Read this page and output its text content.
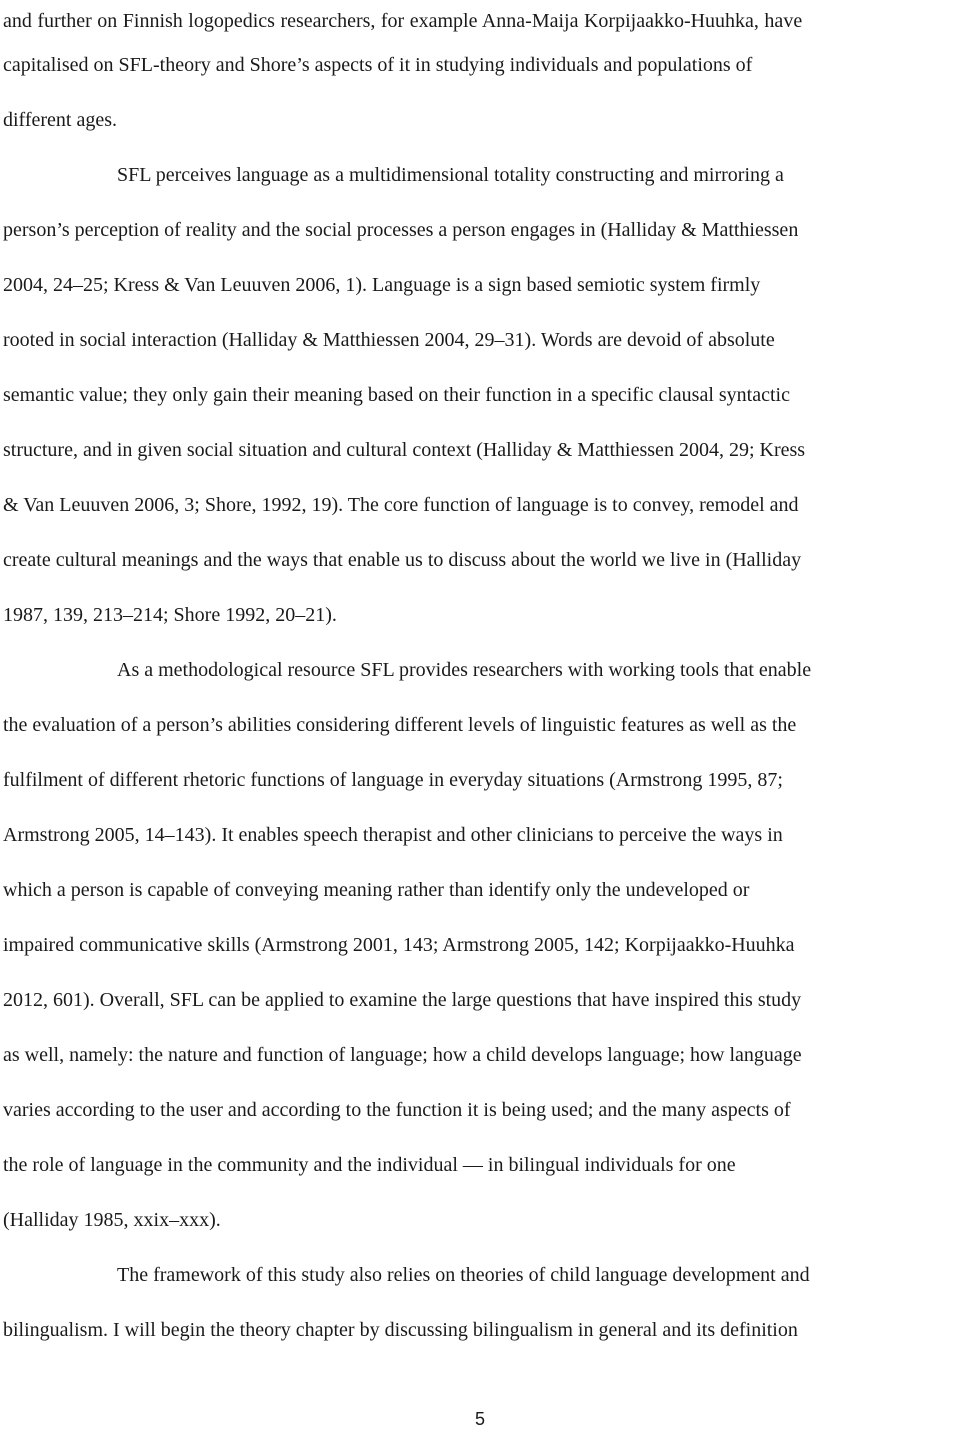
and further on Finnish logopedics researchers, for example Anna-Maija Korpijaakko-Huuhka, have
capitalised on SFL-theory and Shore’s aspects of it in studying individuals and populations of
different ages.
SFL perceives language as a multidimensional totality constructing and mirroring a
person’s perception of reality and the social processes a person engages in (Halliday & Matthiessen
2004, 24–25; Kress & Van Leuuven 2006, 1). Language is a sign based semiotic system firmly
rooted in social interaction (Halliday & Matthiessen 2004, 29–31). Words are devoid of absolute
semantic value; they only gain their meaning based on their function in a specific clausal syntactic
structure, and in given social situation and cultural context (Halliday & Matthiessen 2004, 29; Kress
& Van Leuuven 2006, 3; Shore, 1992, 19). The core function of language is to convey, remodel and
create cultural meanings and the ways that enable us to discuss about the world we live in (Halliday
1987, 139, 213–214; Shore 1992, 20–21).
As a methodological resource SFL provides researchers with working tools that enable
the evaluation of a person’s abilities considering different levels of linguistic features as well as the
fulfilment of different rhetoric functions of language in everyday situations (Armstrong 1995, 87;
Armstrong 2005, 14–143). It enables speech therapist and other clinicians to perceive the ways in
which a person is capable of conveying meaning rather than identify only the undeveloped or
impaired communicative skills (Armstrong 2001, 143; Armstrong 2005, 142; Korpijaakko-Huuhka
2012, 601). Overall, SFL can be applied to examine the large questions that have inspired this study
as well, namely: the nature and function of language; how a child develops language; how language
varies according to the user and according to the function it is being used; and the many aspects of
the role of language in the community and the individual — in bilingual individuals for one
(Halliday 1985, xxix–xxx).
The framework of this study also relies on theories of child language development and
bilingualism. I will begin the theory chapter by discussing bilingualism in general and its definition
5
